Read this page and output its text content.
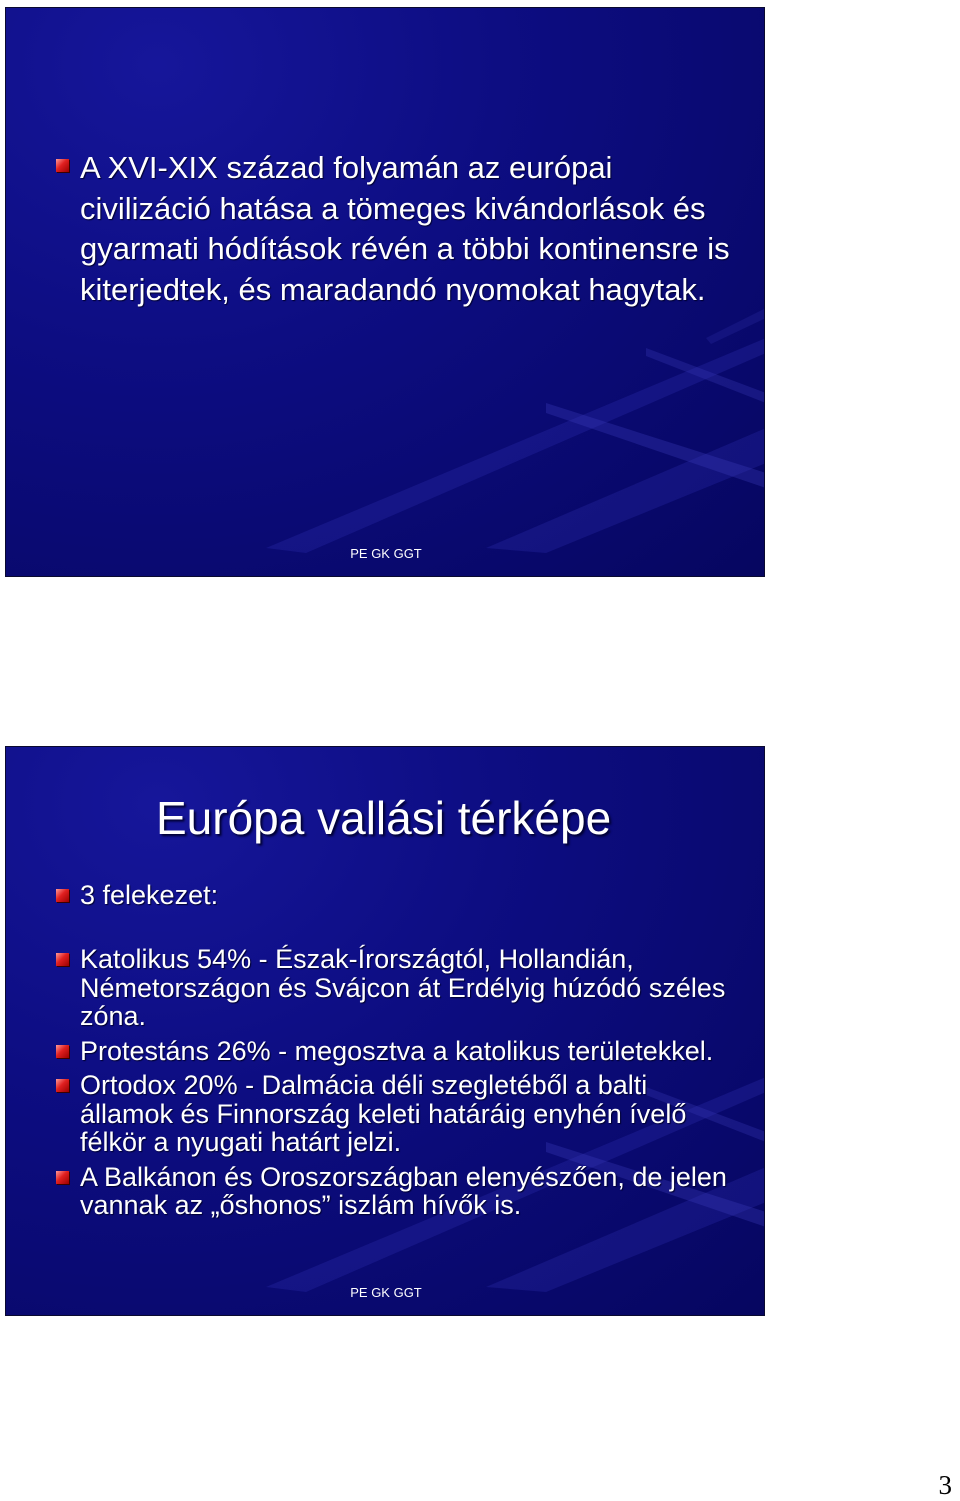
A XVI-XIX század folyamán az európai civilizáció hatása a tömeges kivándorlások és gyarmati hódítások révén a többi kontinensre is kiterjedtek, és maradandó nyomokat hagytak.
PE GK GGT
Európa vallási térképe
3 felekezet:
Katolikus 54% - Észak-Írországtól, Hollandián, Németországon és Svájcon át Erdélyig húzódó széles zóna.
Protestáns 26% - megosztva a katolikus területekkel.
Ortodox 20% - Dalmácia déli szegletéből a balti államok és Finnország keleti határáig enyhén ívelő félkör a nyugati határt jelzi.
A Balkánon és Oroszországban elenyészően, de jelen vannak az „őshonos” iszlám hívők is.
PE GK GGT
3
